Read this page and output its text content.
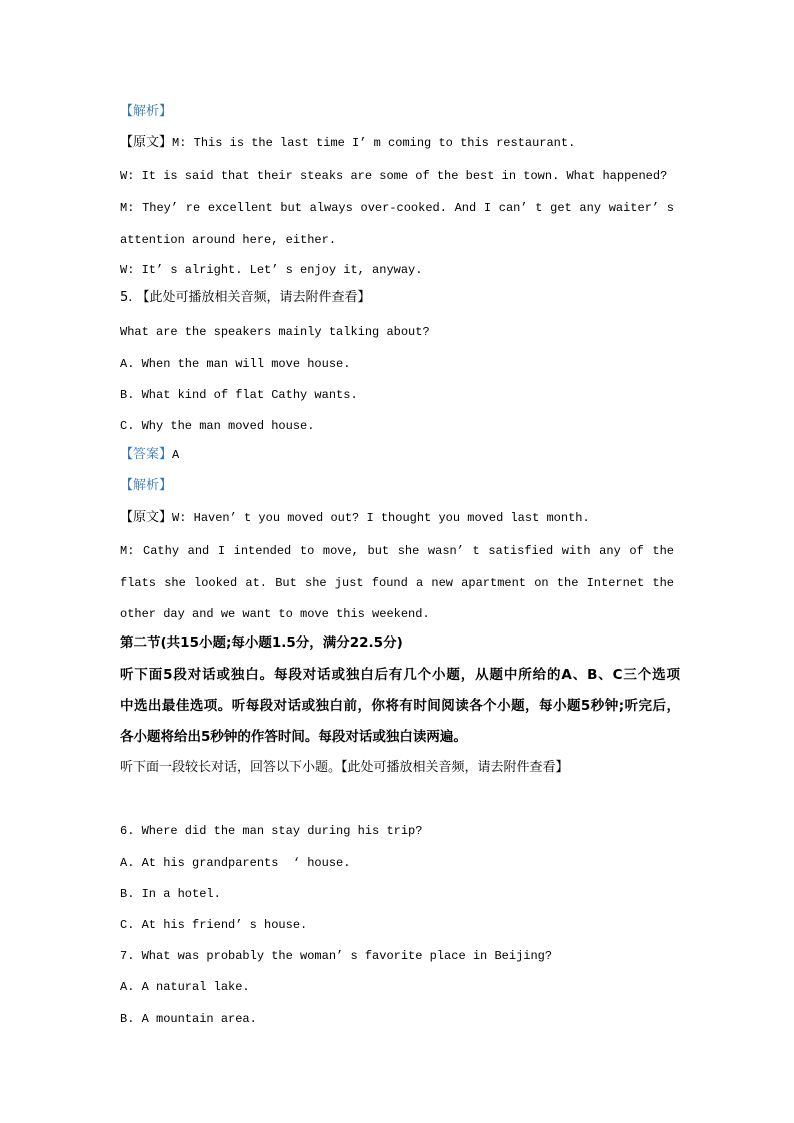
【解析】
【原文】M: This is the last time I’ m coming to this restaurant.
W: It is said that their steaks are some of the best in town. What happened?
M: They’ re excellent but always over-cooked. And I can’ t get any waiter’ s
attention around here, either.
W: It’ s alright. Let’ s enjoy it, anyway.
5. 【此处可播放相关音频，请去附件查看】
What are the speakers mainly talking about?
A. When the man will move house.
B. What kind of flat Cathy wants.
C. Why the man moved house.
【答案】A
【解析】
【原文】W: Haven’ t you moved out? I thought you moved last month.
M: Cathy and I intended to move, but she wasn’ t satisfied with any of the
flats she looked at. But she just found a new apartment on the Internet the
other day and we want to move this weekend.
第二节(共15小题;每小题1.5分，满分22.5分)
听下面5段对话或独白。每段对话或独白后有几个小题，从题中所给的A、B、C三个选项
中选出最佳选项。听每段对话或独白前，你将有时间阅读各个小题，每小题5秒钟;听完后，
各小题将给出5秒钟的作答时间。每段对话或独白读两遍。
听下面一段较长对话，回答以下小题。【此处可播放相关音频，请去附件查看】
6. Where did the man stay during his trip?
A. At his grandparents  ‘ house.
B. In a hotel.
C. At his friend’ s house.
7. What was probably the woman’ s favorite place in Beijing?
A. A natural lake.
B. A mountain area.
